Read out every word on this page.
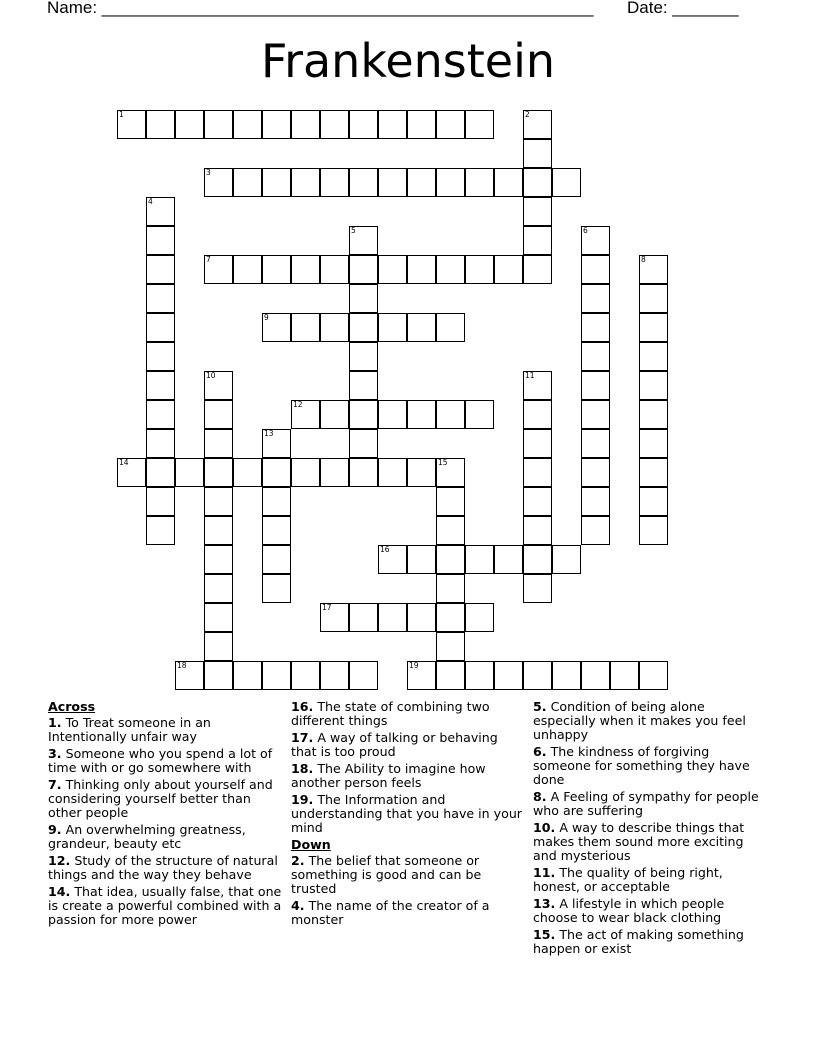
Name: ____________________________________________________ Date: _______
Frankenstein
1	2
3
4
5	6
7	8
9
10	11
12
13
14	15
16
17
18	19
Across
1. To Treat someone in an Intentionally unfair way
3. Someone who you spend a lot of time with or go somewhere with
7. Thinking only about yourself and considering yourself better than other people
9. An overwhelming greatness, grandeur, beauty etc
12. Study of the structure of natural things and the way they behave
14. That idea, usually false, that one is create a powerful combined with a passion for more power
16. The state of combining two different things
17. A way of talking or behaving that is too proud
18. The Ability to imagine how another person feels
19. The Information and understanding that you have in your mind
Down
2. The belief that someone or something is good and can be trusted
4. The name of the creator of a monster
5. Condition of being alone especially when it makes you feel unhappy
6. The kindness of forgiving someone for something they have done
8. A Feeling of sympathy for people who are suffering
10. A way to describe things that makes them sound more exciting and mysterious
11. The quality of being right, honest, or acceptable
13. A lifestyle in which people choose to wear black clothing
15. The act of making something happen or exist
